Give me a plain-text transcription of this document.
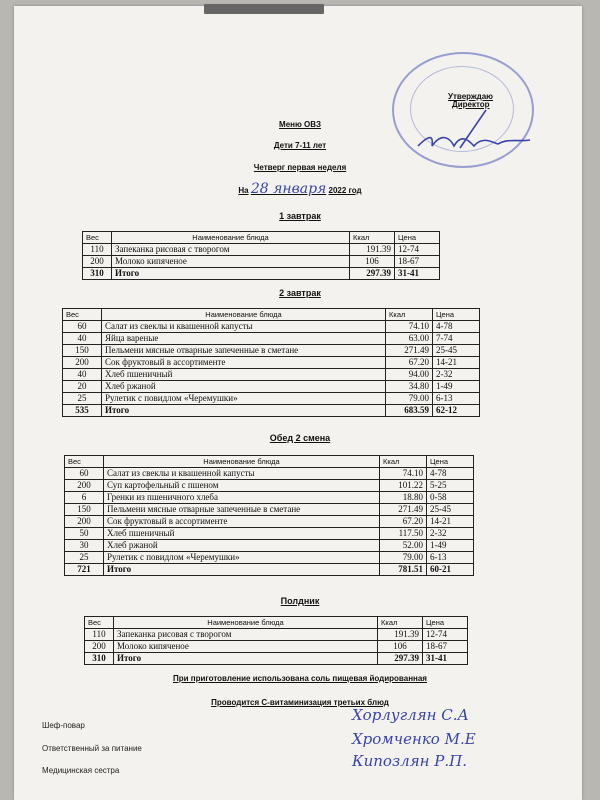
Утверждаю
Директор
Меню ОВЗ
Дети 7-11 лет
Четверг первая неделя
На 28 января 2022 год
1 завтрак
Вес	Наименование блюда	Ккал	Цена
110	Запеканка рисовая с творогом	191.39	12-74
200	Молоко кипяченое	106	18-67
310	Итого	297.39	31-41
2 завтрак
Вес	Наименование блюда	Ккал	Цена
60	Салат из свеклы и квашенной капусты	74.10	4-78
40	Яйца вареные	63.00	7-74
150	Пельмени мясные отварные запеченные в сметане	271.49	25-45
200	Сок фруктовый в ассортименте	67.20	14-21
40	Хлеб пшеничный	94.00	2-32
20	Хлеб ржаной	34.80	1-49
25	Рулетик с повидлом «Черемушки»	79.00	6-13
535	Итого	683.59	62-12
Обед 2 смена
Вес	Наименование блюда	Ккал	Цена
60	Салат из свеклы и квашенной капусты	74.10	4-78
200	Суп картофельный с пшеном	101.22	5-25
6	Гренки из пшеничного хлеба	18.80	0-58
150	Пельмени мясные отварные запеченные в сметане	271.49	25-45
200	Сок фруктовый в ассортименте	67.20	14-21
50	Хлеб пшеничный	117.50	2-32
30	Хлеб ржаной	52.00	1-49
25	Рулетик с повидлом «Черемушки»	79.00	6-13
721	Итого	781.51	60-21
Полдник
Вес	Наименование блюда	Ккал	Цена
110	Запеканка рисовая с творогом	191.39	12-74
200	Молоко кипяченое	106	18-67
310	Итого	297.39	31-41
При приготовление использована соль пищевая йодированная
Проводится С-витаминизация третьих блюд
Шеф-повар
Ответственный за питание
Медицинская сестра
Хорлуглян С.А
Хромченко М.Е
Кипозлян Р.П.
